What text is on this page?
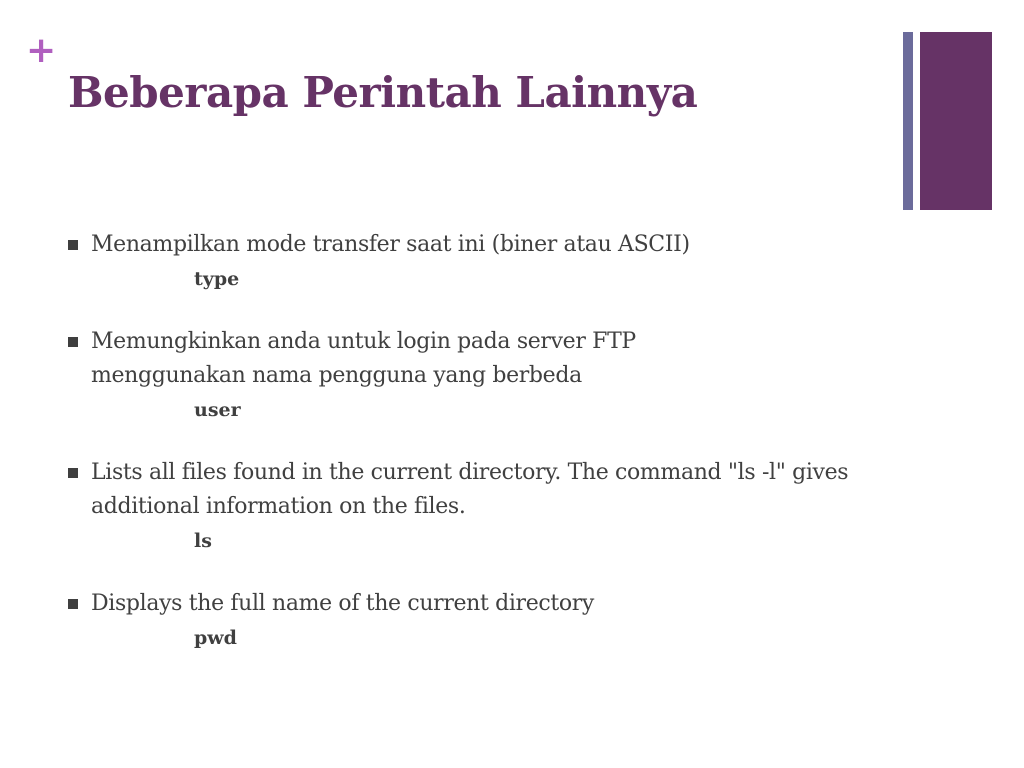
+
Beberapa Perintah Lainnya
Menampilkan mode transfer saat ini (biner atau ASCII)
type
Memungkinkan anda untuk login pada server FTP menggunakan nama pengguna yang berbeda
user
Lists all files found in the current directory. The command "ls -l" gives additional information on the files.
ls
Displays the full name of the current directory
pwd
